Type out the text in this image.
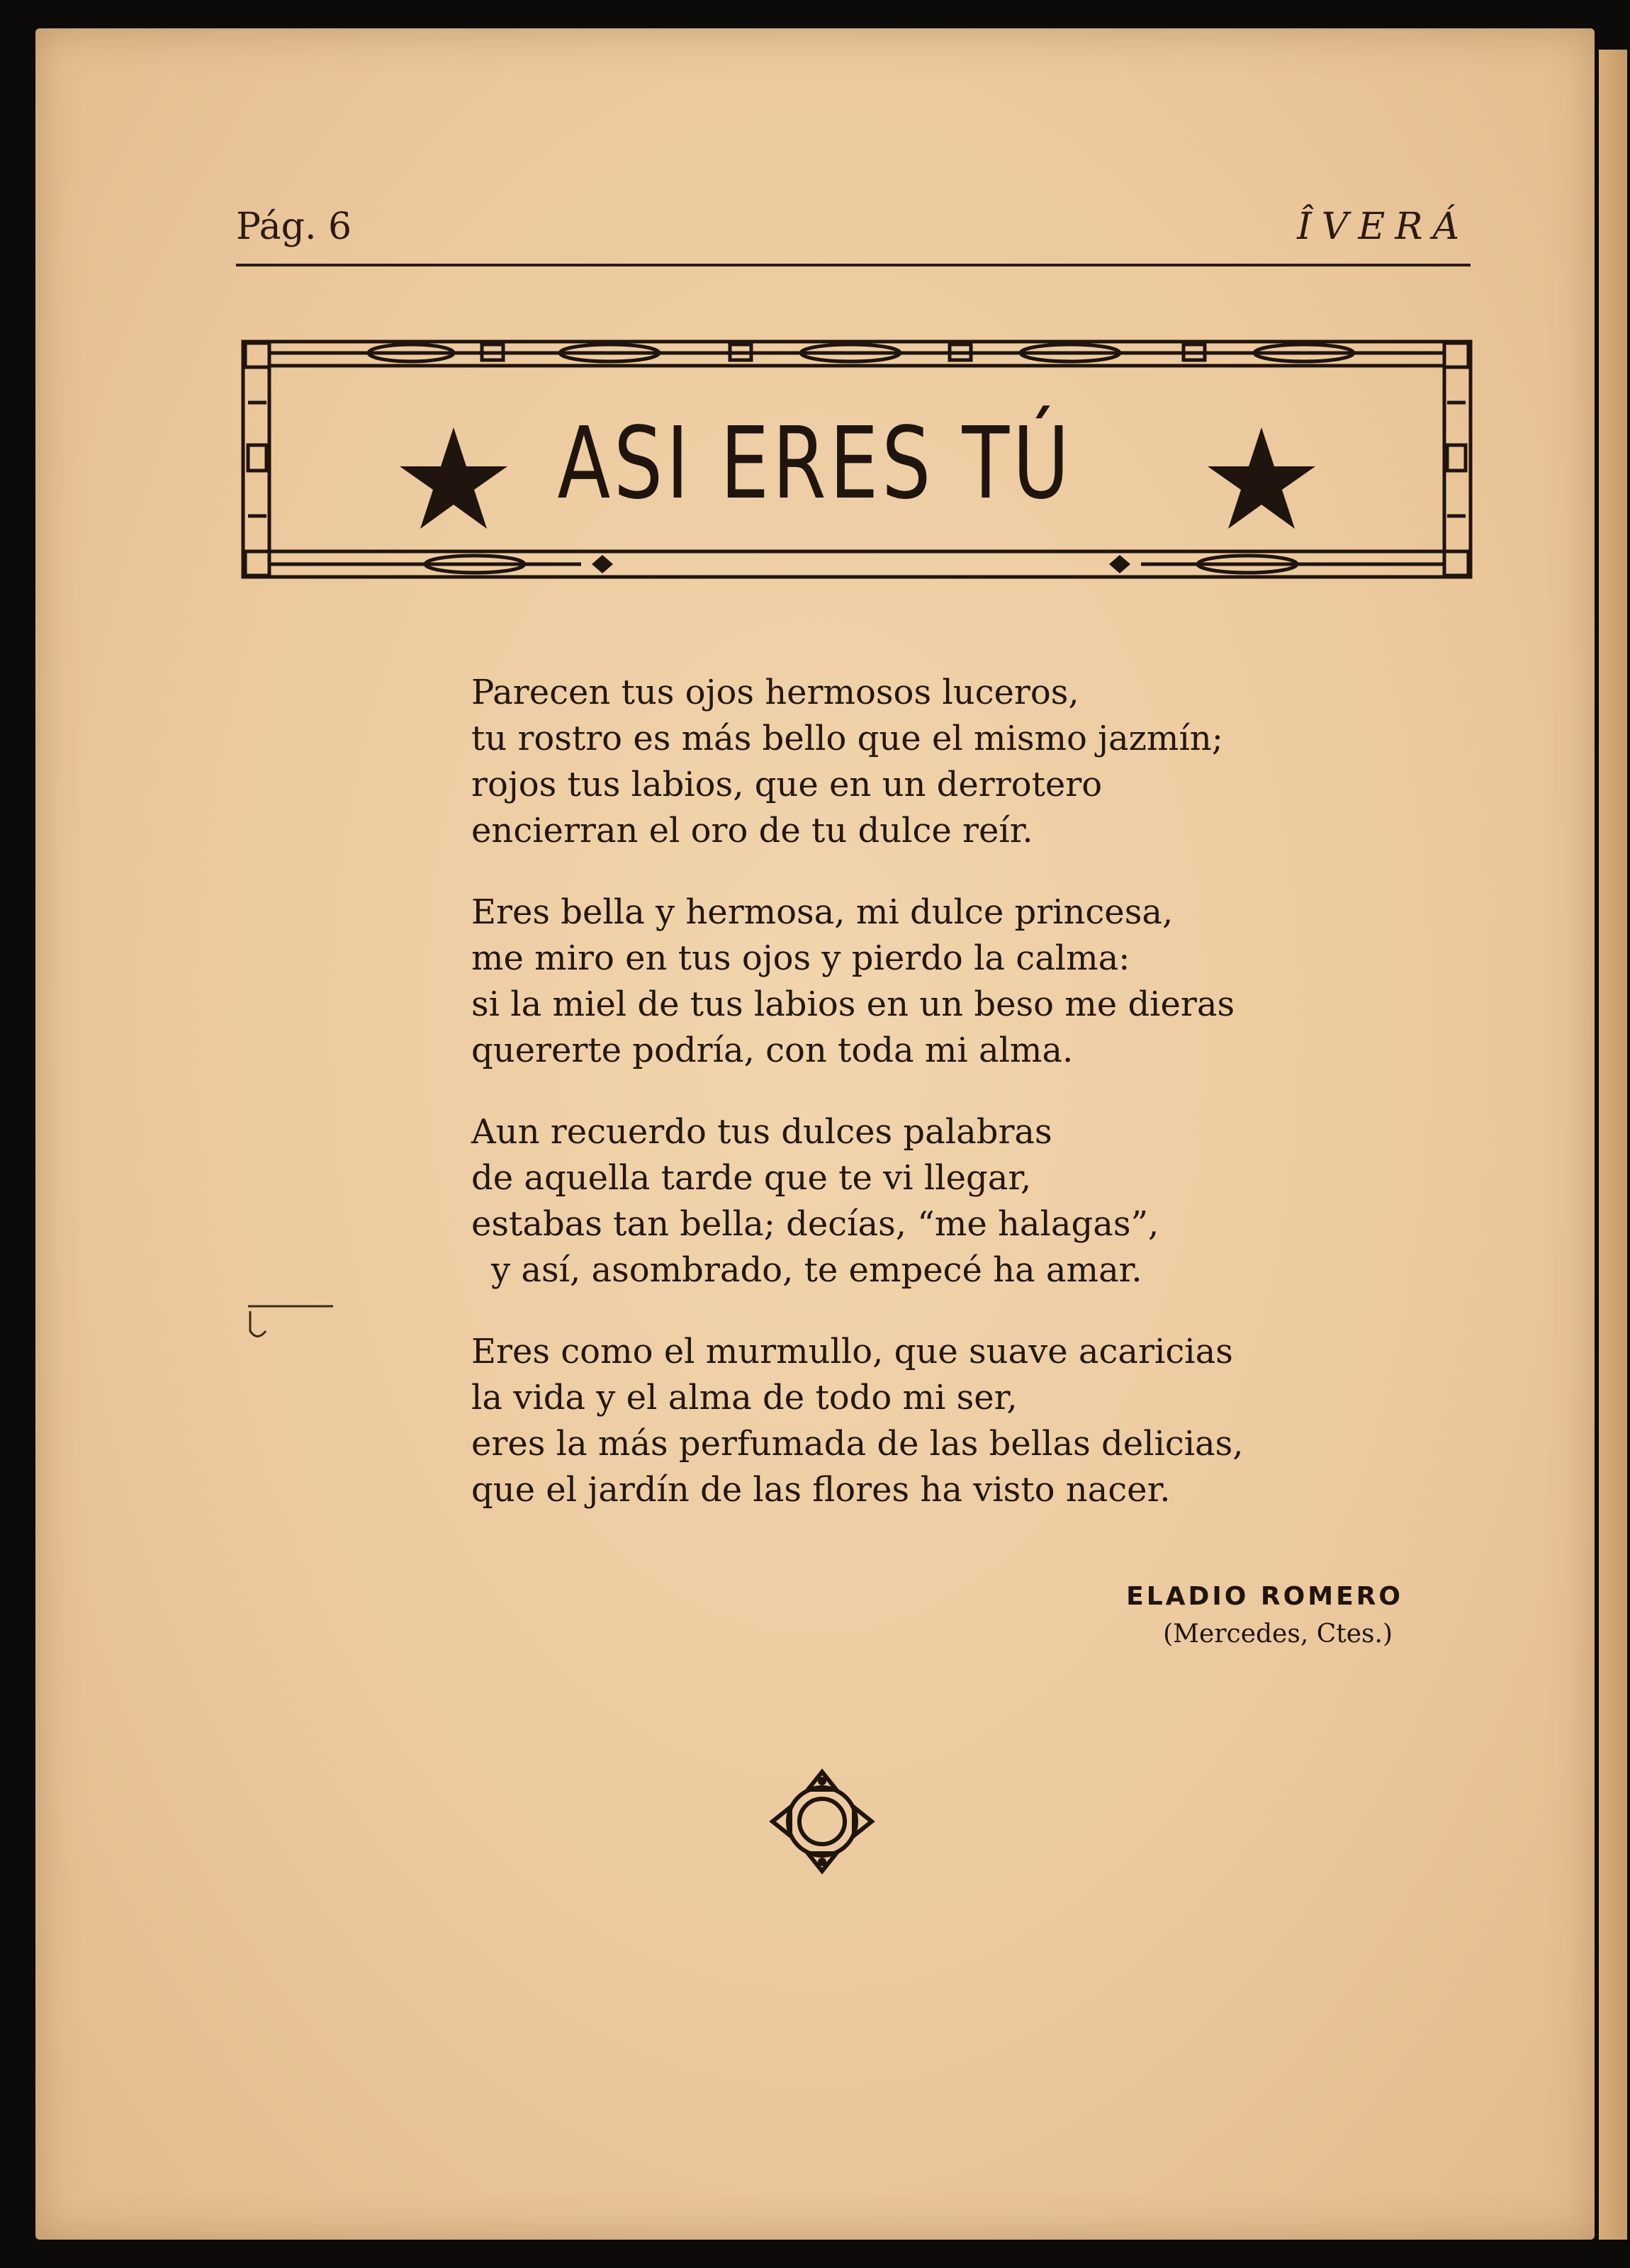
Pág. 6	ÎVERÁ
ASI ERES TÚ
Parecen tus ojos hermosos luceros,
tu rostro es más bello que el mismo jazmín;
rojos tus labios, que en un derrotero
encierran el oro de tu dulce reír.
Eres bella y hermosa, mi dulce princesa,
me miro en tus ojos y pierdo la calma:
si la miel de tus labios en un beso me dieras
quererte podría, con toda mi alma.
Aun recuerdo tus dulces palabras
de aquella tarde que te vi llegar,
estabas tan bella; decías, “me halagas”,
y así, asombrado, te empecé ha amar.
Eres como el murmullo, que suave acaricias
la vida y el alma de todo mi ser,
eres la más perfumada de las bellas delicias,
que el jardín de las flores ha visto nacer.
ELADIO ROMERO
(Mercedes, Ctes.)
